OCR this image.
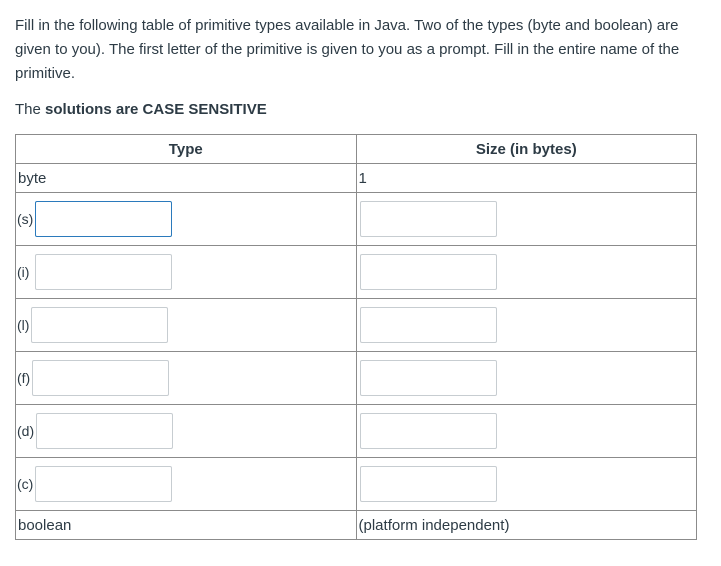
Fill in the following table of primitive types available in Java. Two of the types (byte and boolean) are given to you). The first letter of the primitive is given to you as a prompt. Fill in the entire name of the primitive.

The solutions are CASE SENSITIVE

Type	Size (in bytes)
byte	1

(s)

(i)

(l)

(f)

(d)

(c)

boolean	(platform independent)
